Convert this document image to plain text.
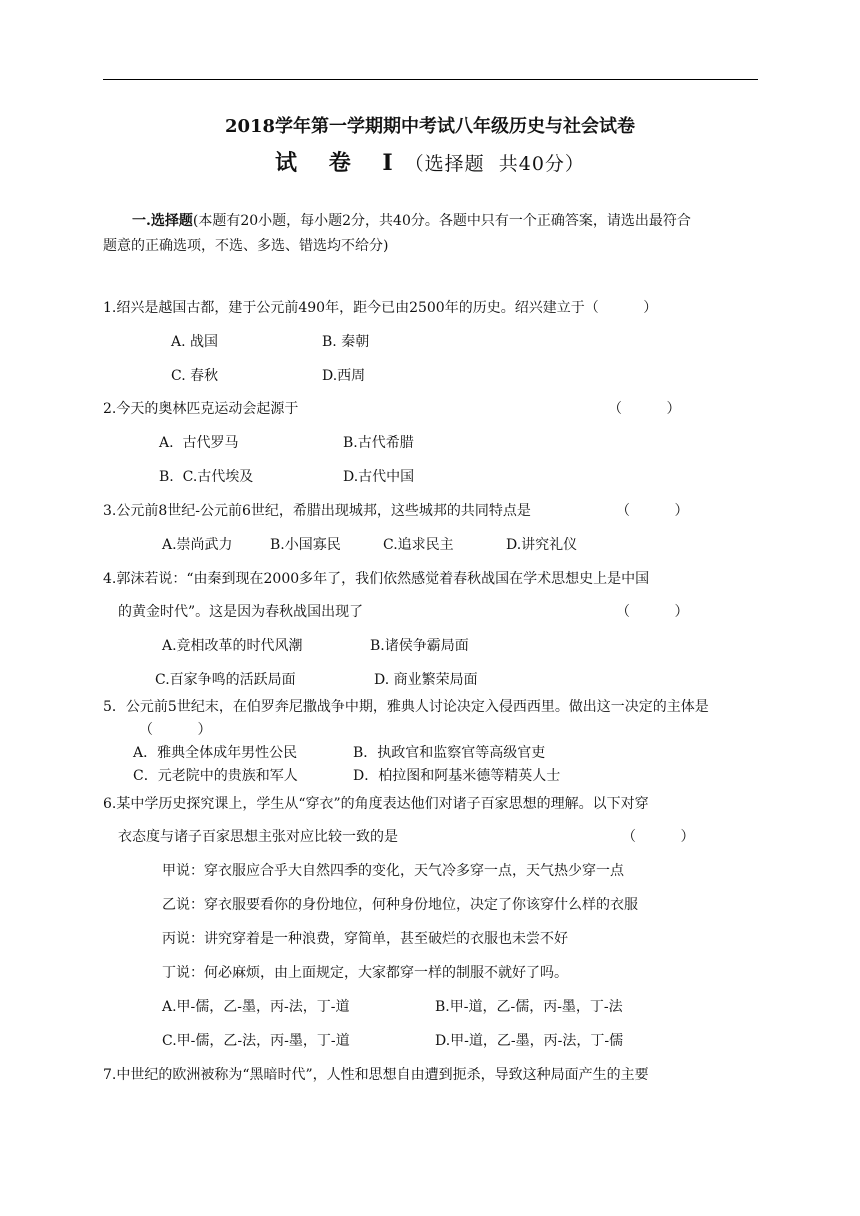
2018学年第一学期期中考试八年级历史与社会试卷
试 卷 Ⅰ（选择题  共40分）
一.选择题(本题有20小题，每小题2分，共40分。各题中只有一个正确答案，请选出最符合
题意的正确选项，不选、多选、错选均不给分)
1.绍兴是越国古都，建于公元前490年，距今已由2500年的历史。绍兴建立于（          ）
A. 战国	B. 秦朝
C. 春秋	D.西周
2.今天的奥林匹克运动会起源于	（          ）
A.  古代罗马	B.古代希腊
B.  C.古代埃及	D.古代中国
3.公元前8世纪-公元前6世纪，希腊出现城邦，这些城邦的共同特点是	（          ）
A.崇尚武力	B.小国寡民	C.追求民主	D.讲究礼仪
4.郭沫若说：“由秦到现在2000多年了，我们依然感觉着春秋战国在学术思想史上是中国
的黄金时代”。这是因为春秋战国出现了	（          ）
A.竞相改革的时代风潮	B.诸侯争霸局面
C.百家争鸣的活跃局面	D. 商业繁荣局面
5．公元前5世纪末，在伯罗奔尼撒战争中期，雅典人讨论决定入侵西西里。做出这一决定的主体是
（          ）
A．雅典全体成年男性公民	B．执政官和监察官等高级官吏
C．元老院中的贵族和军人	D．柏拉图和阿基米德等精英人士
6.某中学历史探究课上，学生从“穿衣”的角度表达他们对诸子百家思想的理解。以下对穿
衣态度与诸子百家思想主张对应比较一致的是	（          ）
甲说：穿衣服应合乎大自然四季的变化，天气冷多穿一点，天气热少穿一点
乙说：穿衣服要看你的身份地位，何种身份地位，决定了你该穿什么样的衣服
丙说：讲究穿着是一种浪费，穿简单，甚至破烂的衣服也未尝不好
丁说：何必麻烦，由上面规定，大家都穿一样的制服不就好了吗。
A.甲-儒，乙-墨，丙-法，丁-道	B.甲-道，乙-儒，丙-墨，丁-法
C.甲-儒，乙-法，丙-墨，丁-道	D.甲-道，乙-墨，丙-法，丁-儒
7.中世纪的欧洲被称为“黑暗时代”，人性和思想自由遭到扼杀，导致这种局面产生的主要
